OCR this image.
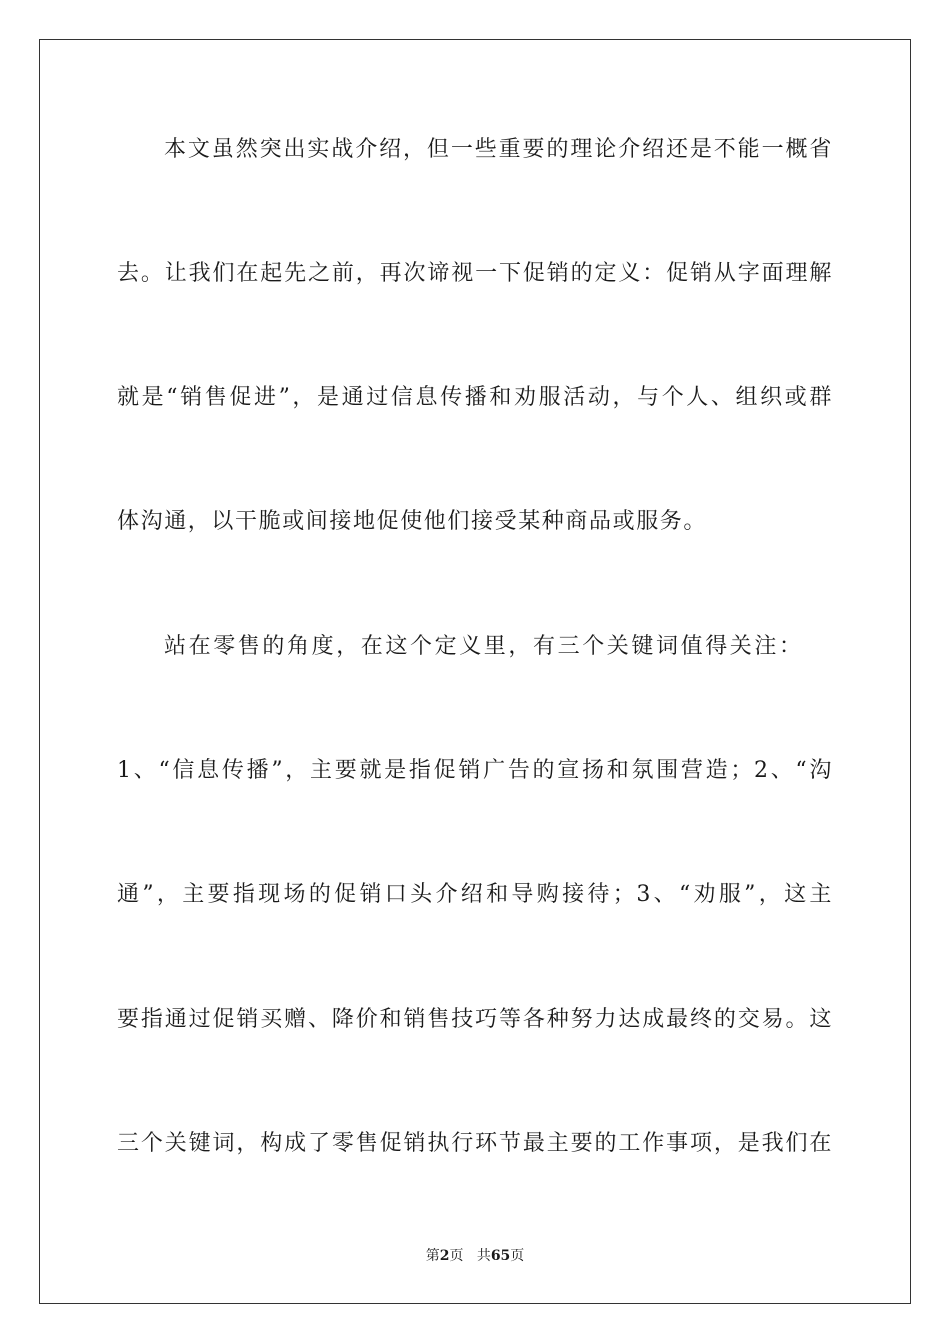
本文虽然突出实战介绍，但一些重要的理论介绍还是不能一概省
去。让我们在起先之前，再次谛视一下促销的定义：促销从字面理解
就是“销售促进”，是通过信息传播和劝服活动，与个人、组织或群
体沟通，以干脆或间接地促使他们接受某种商品或服务。
站在零售的角度，在这个定义里，有三个关键词值得关注：
1、“信息传播”，主要就是指促销广告的宣扬和氛围营造；2、“沟
通”，主要指现场的促销口头介绍和导购接待；3、“劝服”，这主
要指通过促销买赠、降价和销售技巧等各种努力达成最终的交易。这
三个关键词，构成了零售促销执行环节最主要的工作事项，是我们在
第2页 共65页
